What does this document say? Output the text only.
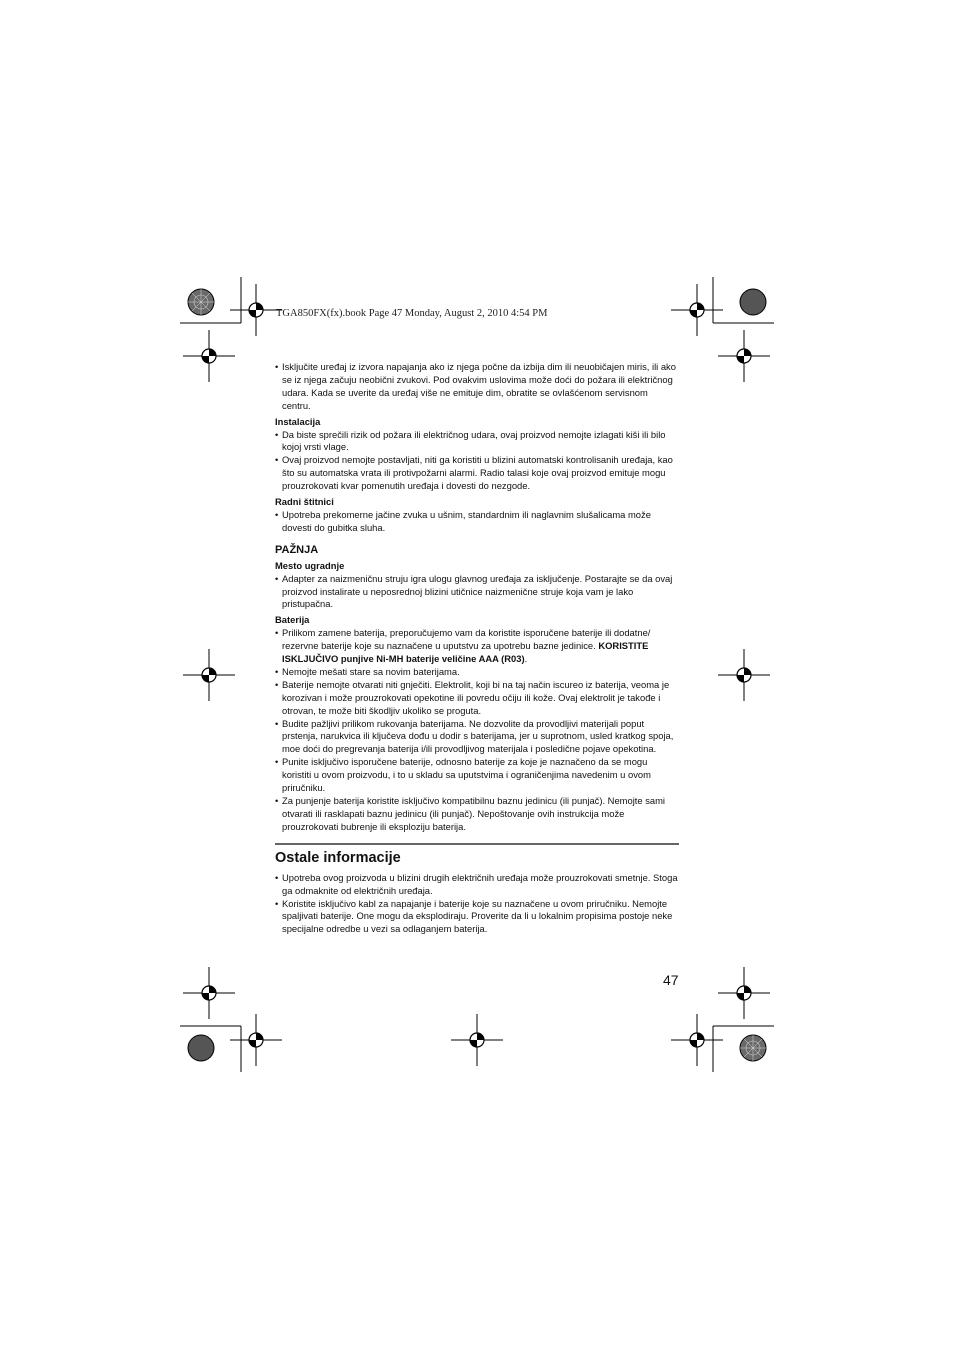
TGA850FX(fx).book Page 47 Monday, August 2, 2010 4:54 PM

• Isključite uređaj iz izvora napajanja ako iz njega počne da izbija dim ili neuobičajen miris, ili ako se iz njega začuju neobični zvukovi. Pod ovakvim uslovima može doći do požara ili električnog udara. Kada se uverite da uređaj više ne emituje dim, obratite se ovlašćenom servisnom centru.

Instalacija

• Da biste sprečili rizik od požara ili električnog udara, ovaj proizvod nemojte izlagati kiši ili bilo kojoj vrsti vlage.

• Ovaj proizvod nemojte postavljati, niti ga koristiti u blizini automatski kontrolisanih uređaja, kao što su automatska vrata ili protivpožarni alarmi. Radio talasi koje ovaj proizvod emituje mogu prouzrokovati kvar pomenutih uređaja i dovesti do nezgode.

Radni štitnici

• Upotreba prekomerne jačine zvuka u ušnim, standardnim ili naglavnim slušalicama može dovesti do gubitka sluha.

PAŽNJA

Mesto ugradnje

• Adapter za naizmeničnu struju igra ulogu glavnog uređaja za isključenje. Postarajte se da ovaj proizvod instalirate u neposrednoj blizini utičnice naizmenične struje koja vam je lako pristupačna.

Baterija

• Prilikom zamene baterija, preporučujemo vam da koristite isporučene baterije ili dodatne/ rezervne baterije koje su naznačene u uputstvu za upotrebu bazne jedinice. KORISTITE ISKLJUČIVO punjive Ni-MH baterije veličine AAA (R03).

• Nemojte mešati stare sa novim baterijama.

• Baterije nemojte otvarati niti gnječiti. Elektrolit, koji bi na taj način iscureo iz baterija, veoma je korozivan i može prouzrokovati opekotine ili povredu očiju ili kože. Ovaj elektrolit je takođe i otrovan, te može biti škodljiv ukoliko se proguta.

• Budite pažljivi prilikom rukovanja baterijama. Ne dozvolite da provodljivi materijali poput prstenja, narukvica ili ključeva dođu u dodir s baterijama, jer u suprotnom, usled kratkog spoja, moe doći do pregrevanja baterija i/ili provodljivog materijala i posledične pojave opekotina.

• Punite isključivo isporučene baterije, odnosno baterije za koje je naznačeno da se mogu koristiti u ovom proizvodu, i to u skladu sa uputstvima i ograničenjima navedenim u ovom priručniku.

• Za punjenje baterija koristite isključivo kompatibilnu baznu jedinicu (ili punjač). Nemojte sami otvarati ili rasklapati baznu jedinicu (ili punjač). Nepoštovanje ovih instrukcija može prouzrokovati bubrenje ili eksploziju baterija.

Ostale informacije

• Upotreba ovog proizvoda u blizini drugih električnih uređaja može prouzrokovati smetnje. Stoga ga odmaknite od električnih uređaja.

• Koristite isključivo kabl za napajanje i baterije koje su naznačene u ovom priručniku. Nemojte spaljivati baterije. One mogu da eksplodiraju. Proverite da li u lokalnim propisima postoje neke specijalne odredbe u vezi sa odlaganjem baterija.

47
